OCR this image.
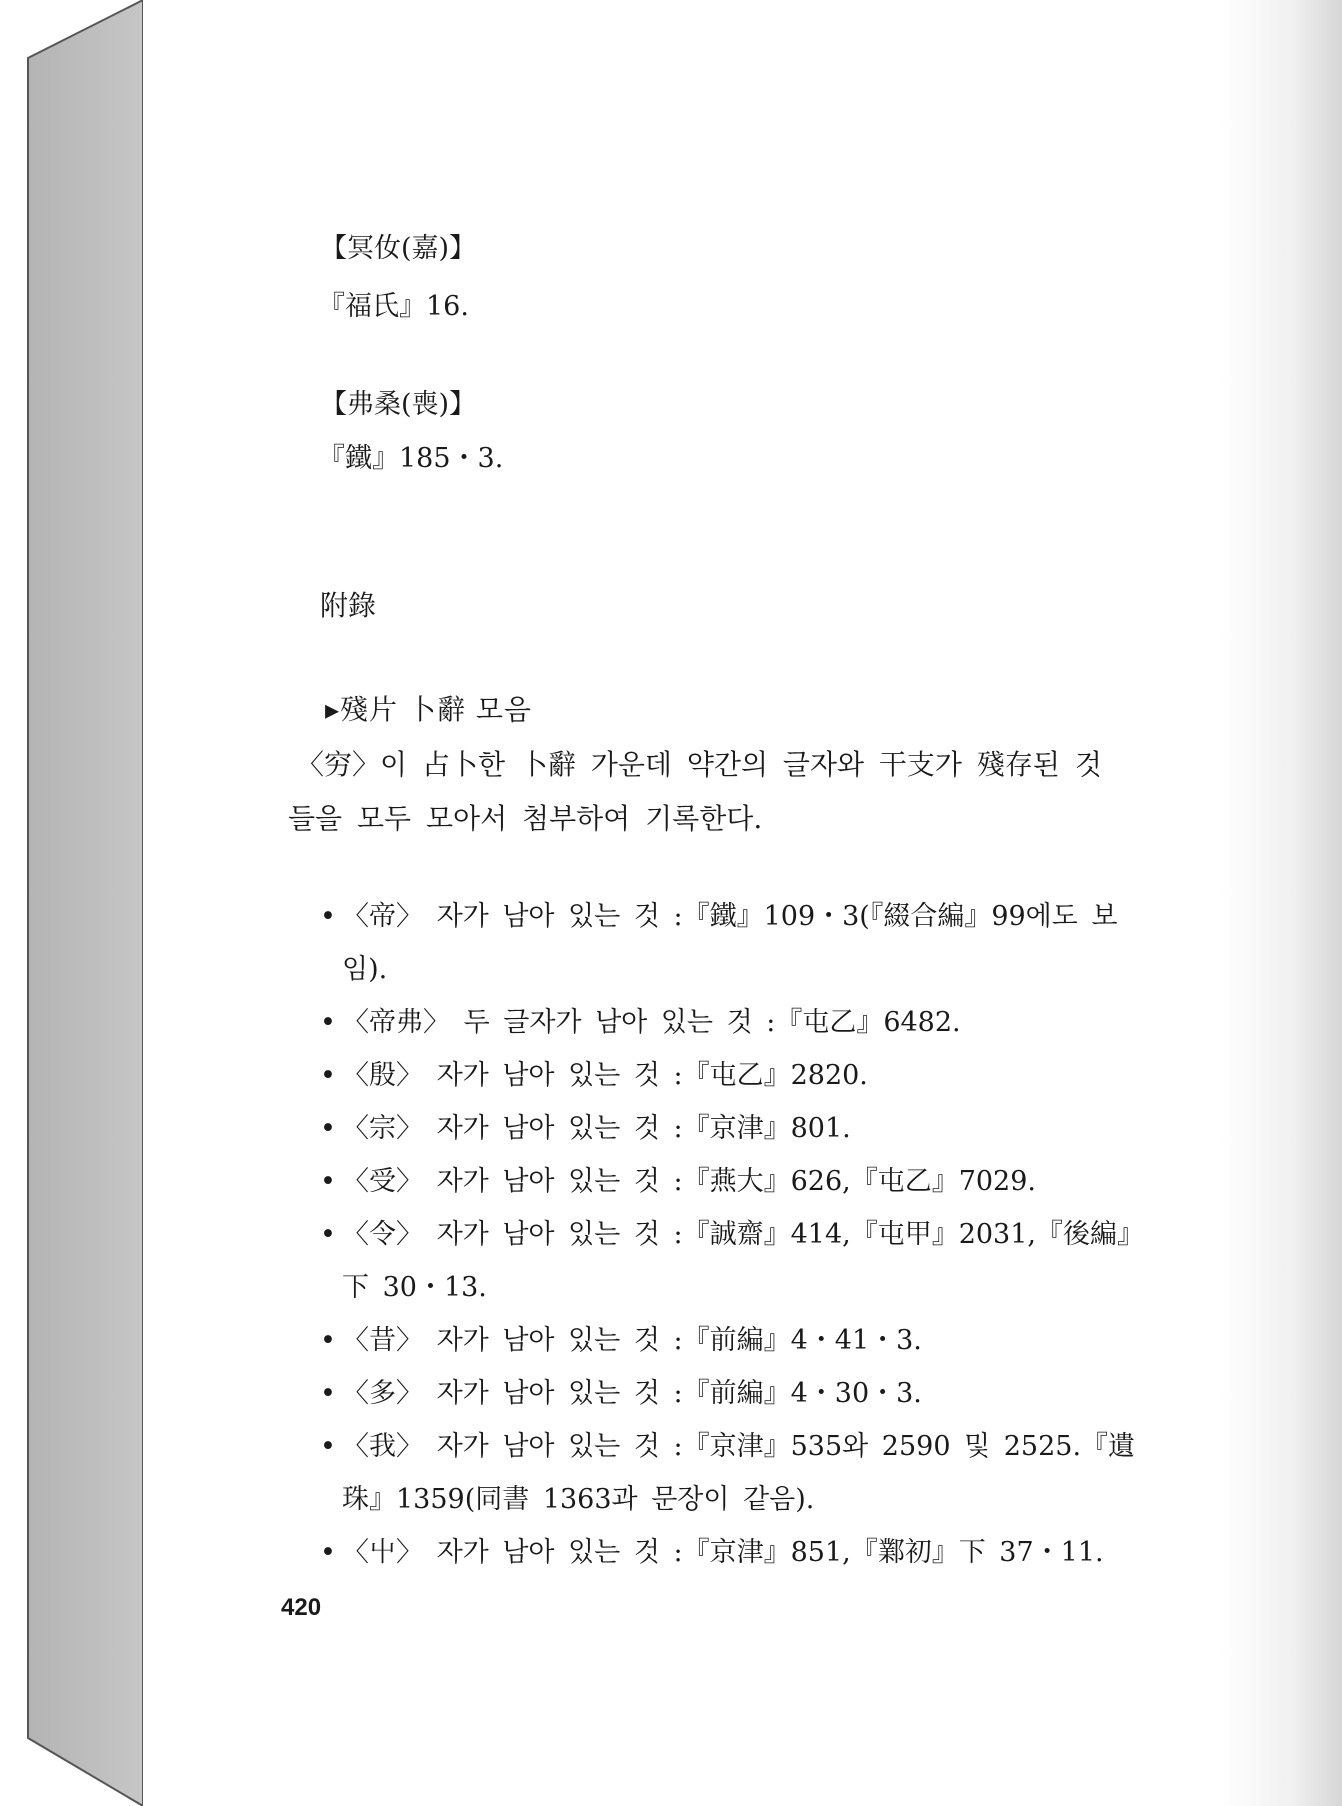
【冥㚢(嘉)】
『福氏』16.
【弗桑(喪)】
『鐵』185・3.
附錄
▸殘片 卜辭 모음
〈穷〉이 占卜한 卜辭 가운데 약간의 글자와 干支가 殘存된 것
들을 모두 모아서 첨부하여 기록한다.
• 〈帝〉 자가 남아 있는 것 :『鐵』109・3(『綴合編』99에도 보
임).
• 〈帝弗〉 두 글자가 남아 있는 것 :『屯乙』6482.
• 〈殷〉 자가 남아 있는 것 :『屯乙』2820.
• 〈宗〉 자가 남아 있는 것 :『京津』801.
• 〈受〉 자가 남아 있는 것 :『燕大』626,『屯乙』7029.
• 〈令〉 자가 남아 있는 것 :『誠齋』414,『屯甲』2031,『後編』
下 30・13.
• 〈昔〉 자가 남아 있는 것 :『前編』4・41・3.
• 〈多〉 자가 남아 있는 것 :『前編』4・30・3.
• 〈我〉 자가 남아 있는 것 :『京津』535와 2590 및 2525.『遺
珠』1359(同書 1363과 문장이 같음).
• 〈屮〉 자가 남아 있는 것 :『京津』851,『鄴初』下 37・11.
420
